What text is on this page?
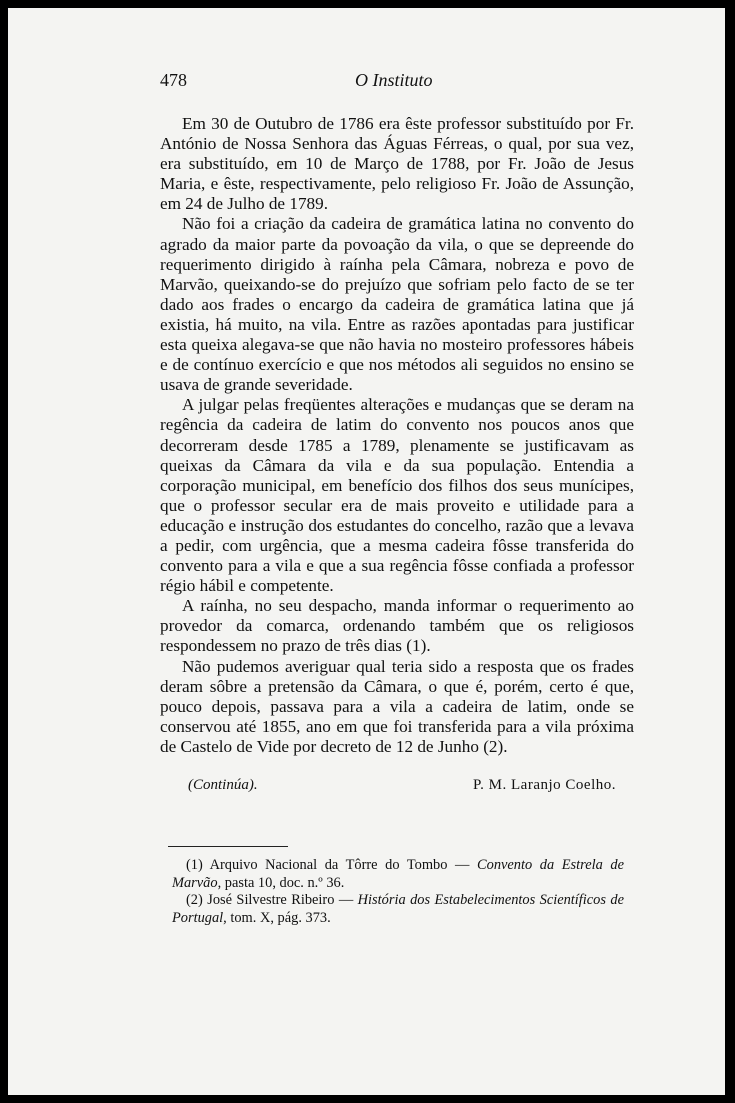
478	O Instituto

Em 30 de Outubro de 1786 era êste professor substituído por Fr. António de Nossa Senhora das Águas Férreas, o qual, por sua vez, era substituído, em 10 de Março de 1788, por Fr. João de Jesus Maria, e êste, respectivamente, pelo religioso Fr. João de Assunção, em 24 de Julho de 1789.

Não foi a criação da cadeira de gramática latina no convento do agrado da maior parte da povoação da vila, o que se depreende do requerimento dirigido à raínha pela Câmara, nobreza e povo de Marvão, queixando-se do prejuízo que sofriam pelo facto de se ter dado aos frades o encargo da cadeira de gramática latina que já existia, há muito, na vila. Entre as razões apontadas para justificar esta queixa alegava-se que não havia no mosteiro professores hábeis e de contínuo exercício e que nos métodos ali seguidos no ensino se usava de grande severidade.

A julgar pelas freqüentes alterações e mudanças que se deram na regência da cadeira de latim do convento nos poucos anos que decorreram desde 1785 a 1789, plenamente se justificavam as queixas da Câmara da vila e da sua população. Entendia a corporação municipal, em benefício dos filhos dos seus munícipes, que o professor secular era de mais proveito e utilidade para a educação e instrução dos estudantes do concelho, razão que a levava a pedir, com urgência, que a mesma cadeira fôsse transferida do convento para a vila e que a sua regência fôsse confiada a professor régio hábil e competente.

A raínha, no seu despacho, manda informar o requerimento ao provedor da comarca, ordenando também que os religiosos respondessem no prazo de três dias (1).

Não pudemos averiguar qual teria sido a resposta que os frades deram sôbre a pretensão da Câmara, o que é, porém, certo é que, pouco depois, passava para a vila a cadeira de latim, onde se conservou até 1855, ano em que foi transferida para a vila próxima de Castelo de Vide por decreto de 12 de Junho (2).

(Continúa).	P. M. Laranjo Coelho.

(1) Arquivo Nacional da Tôrre do Tombo — Convento da Estrela de Marvão, pasta 10, doc. n.º 36.

(2) José Silvestre Ribeiro — História dos Estabelecimentos Scientíficos de Portugal, tom. X, pág. 373.
